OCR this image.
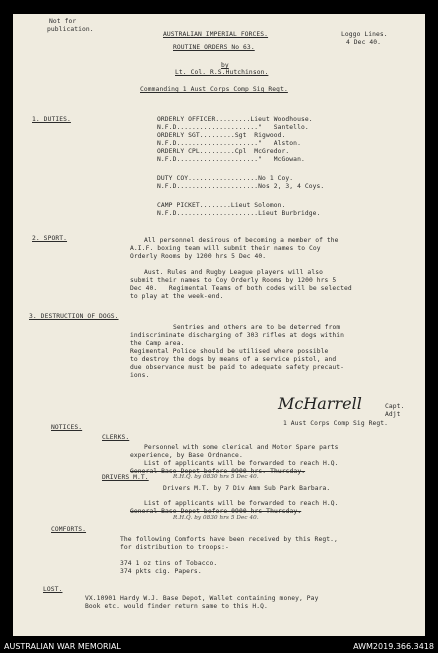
Not for
publication.
AUSTRALIAN IMPERIAL FORCES.	Loggo Lines.
4 Dec 40.
ROUTINE ORDERS No 63.
by
Lt. Col. R.S.Hutchinson.
Commanding 1 Aust Corps Comp Sig Regt.
1. DUTIES.	ORDERLY OFFICER.........Lieut Woodhouse.
N.F.D....................."   Santello.
ORDERLY SGT.........Sgt  Rigwood.
N.F.D....................."   Alston.
ORDERLY CPL.........Cpl  McGredor.
N.F.D....................."   McGowan.
DUTY COY..................No 1 Coy.
N.F.D.....................Nos 2, 3, 4 Coys.
CAMP PICKET........Lieut Solomon.
N.F.D.....................Lieut Burbridge.
2. SPORT.	All personnel desirous of becoming a member of the
A.I.F. boxing team will submit their names to Coy
Orderly Rooms by 1200 hrs 5 Dec 40.
Aust. Rules and Rugby League players will also
submit their names to Coy Orderly Rooms by 1200 hrs 5
Dec 40.   Regimental Teams of both codes will be selected
to play at the week-end.
3. DESTRUCTION OF DOGS.
Sentries and others are to be deterred from
indiscriminate discharging of 303 rifles at dogs within
the Camp area.
Regimental Police should be utilised where possible
to destroy the dogs by means of a service pistol, and
due observance must be paid to adequate safety precaut-
ions.
McHarrell	Capt.
Adjt
1 Aust Corps Comp Sig Regt.
NOTICES.
CLERKS.
Personnel with some clerical and Motor Spare parts
experience, by Base Ordnance.
List of applicants will be forwarded to reach H.Q.
General Base Depot before 0900 hrs. Thursday.
R.H.Q. by 0830 hrs 5 Dec 40.
DRIVERS M.T.
Drivers M.T. by 7 Div Amm Sub Park Barbara.
List of applicants will be forwarded to reach H.Q.
General Base Depot before 0900 hrs Thursday.
R.H.Q. by 0830 hrs 5 Dec 40.
COMFORTS.
The following Comforts have been received by this Regt.,
for distribution to troops:-
374 1 oz tins of Tobacco.
374 pkts cig. Papers.
LOST.
VX.10901 Hardy W.J. Base Depot, Wallet containing money, Pay
Book etc. would finder return same to this H.Q.
AUSTRALIAN WAR MEMORIAL	AWM2019.366.3418
